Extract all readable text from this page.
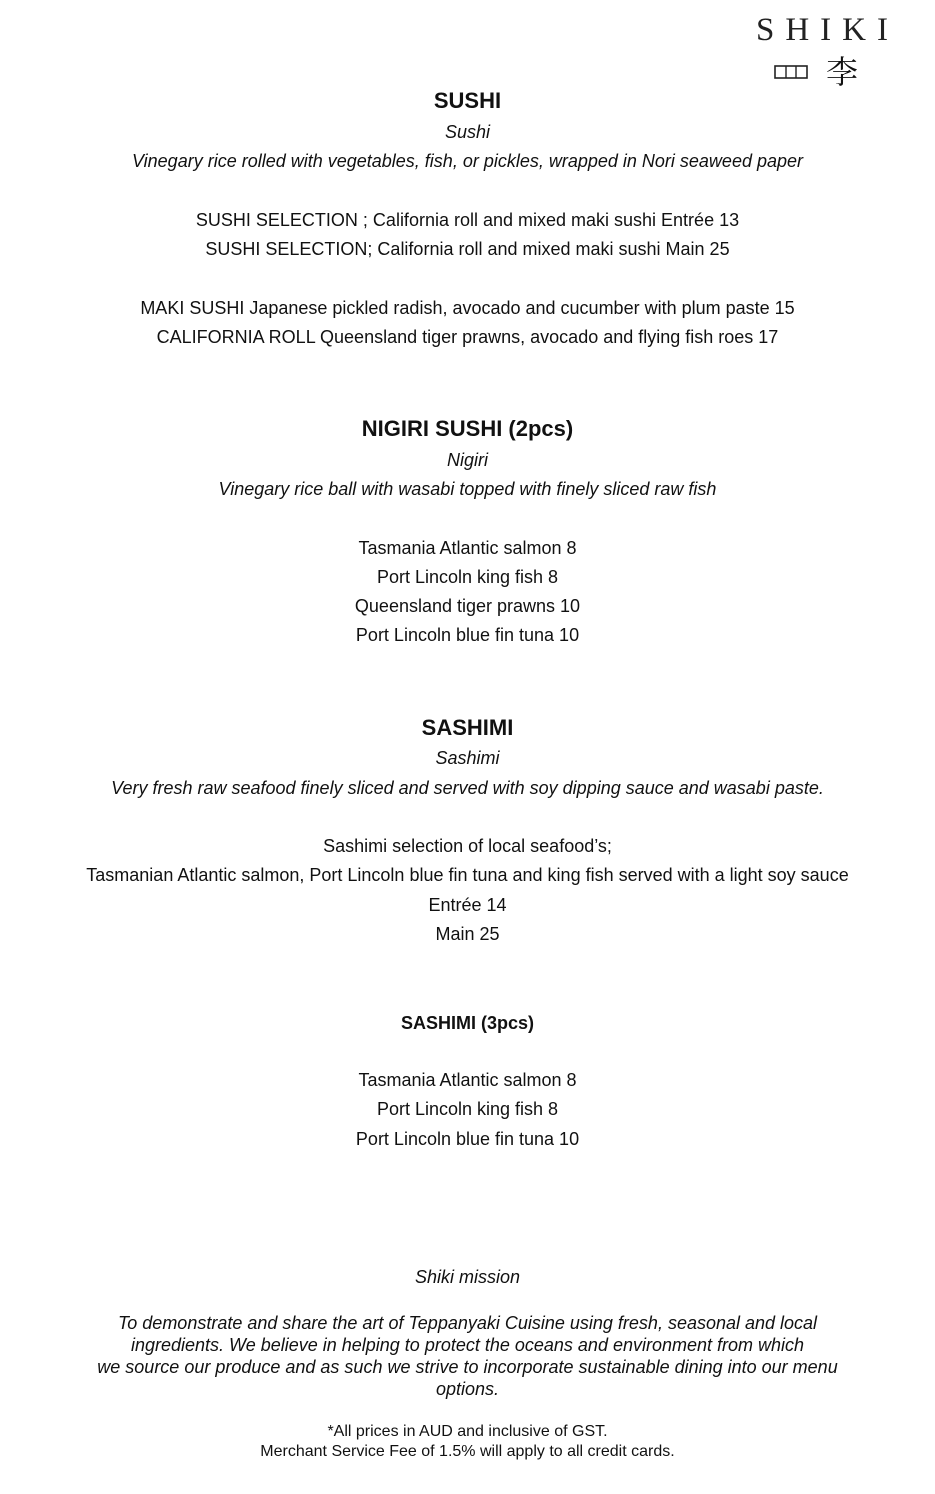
SHIKI
李
SUSHI
Sushi
Vinegary rice rolled with vegetables, fish, or pickles, wrapped in Nori seaweed paper
SUSHI SELECTION ; California roll and mixed maki sushi Entrée 13
SUSHI SELECTION; California roll and mixed maki sushi Main 25
MAKI SUSHI Japanese pickled radish, avocado and cucumber with plum paste 15
CALIFORNIA ROLL Queensland tiger prawns, avocado and flying fish roes 17
NIGIRI SUSHI (2pcs)
Nigiri
Vinegary rice ball with wasabi topped with finely sliced raw fish
Tasmania Atlantic salmon 8
Port Lincoln king fish 8
Queensland tiger prawns 10
Port Lincoln blue fin tuna 10
SASHIMI
Sashimi
Very fresh raw seafood finely sliced and served with soy dipping sauce and wasabi paste.
Sashimi selection of local seafood’s;
Tasmanian Atlantic salmon, Port Lincoln blue fin tuna and king fish served with a light soy sauce
Entrée 14
Main 25
SASHIMI (3pcs)
Tasmania Atlantic salmon 8
Port Lincoln king fish 8
Port Lincoln blue fin tuna 10
Shiki mission
To demonstrate and share the art of Teppanyaki Cuisine using fresh, seasonal and local
ingredients. We believe in helping to protect the oceans and environment from which
we source our produce and as such we strive to incorporate sustainable dining into our menu
options.
*All prices in AUD and inclusive of GST.
Merchant Service Fee of 1.5% will apply to all credit cards.
